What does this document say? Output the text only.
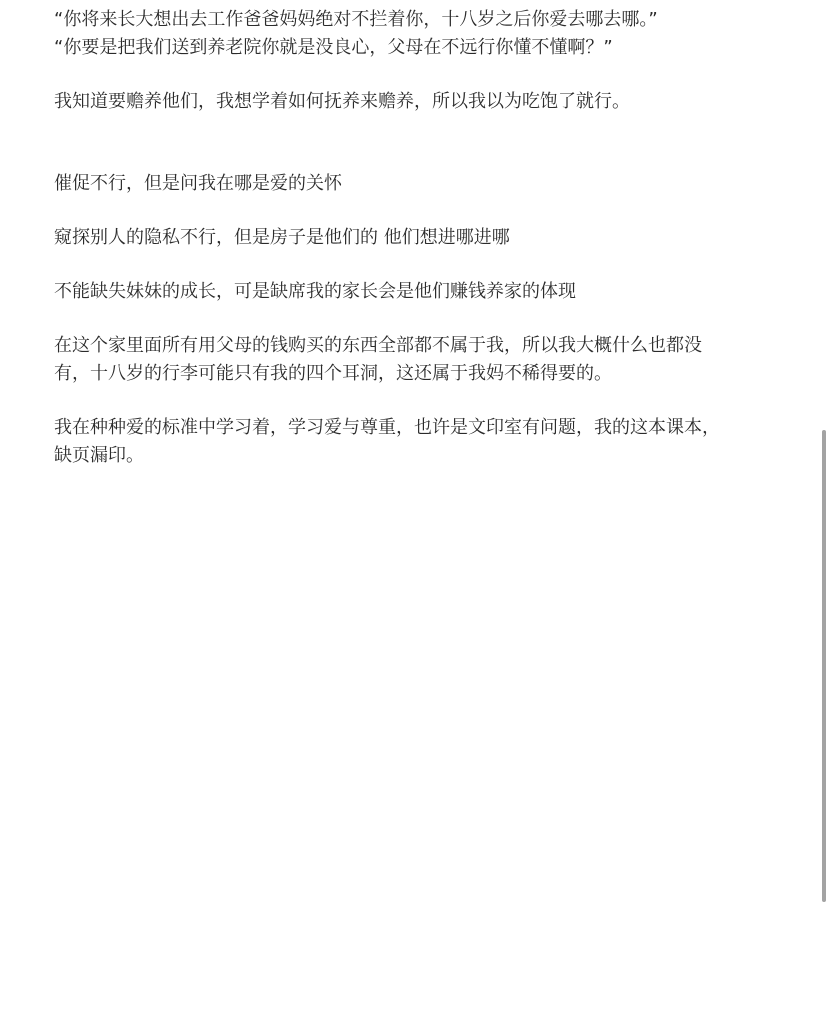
“你将来长大想出去工作爸爸妈妈绝对不拦着你，十八岁之后你爱去哪去哪。”
“你要是把我们送到养老院你就是没良心，父母在不远行你懂不懂啊？”
我知道要赡养他们，我想学着如何抚养来赡养，所以我以为吃饱了就行。
催促不行，但是问我在哪是爱的关怀
窥探别人的隐私不行，但是房子是他们的 他们想进哪进哪
不能缺失妹妹的成长，可是缺席我的家长会是他们赚钱养家的体现
在这个家里面所有用父母的钱购买的东西全部都不属于我，所以我大概什么也都没
有，十八岁的行李可能只有我的四个耳洞，这还属于我妈不稀得要的。
我在种种爱的标准中学习着，学习爱与尊重，也许是文印室有问题，我的这本课本，
缺页漏印。
